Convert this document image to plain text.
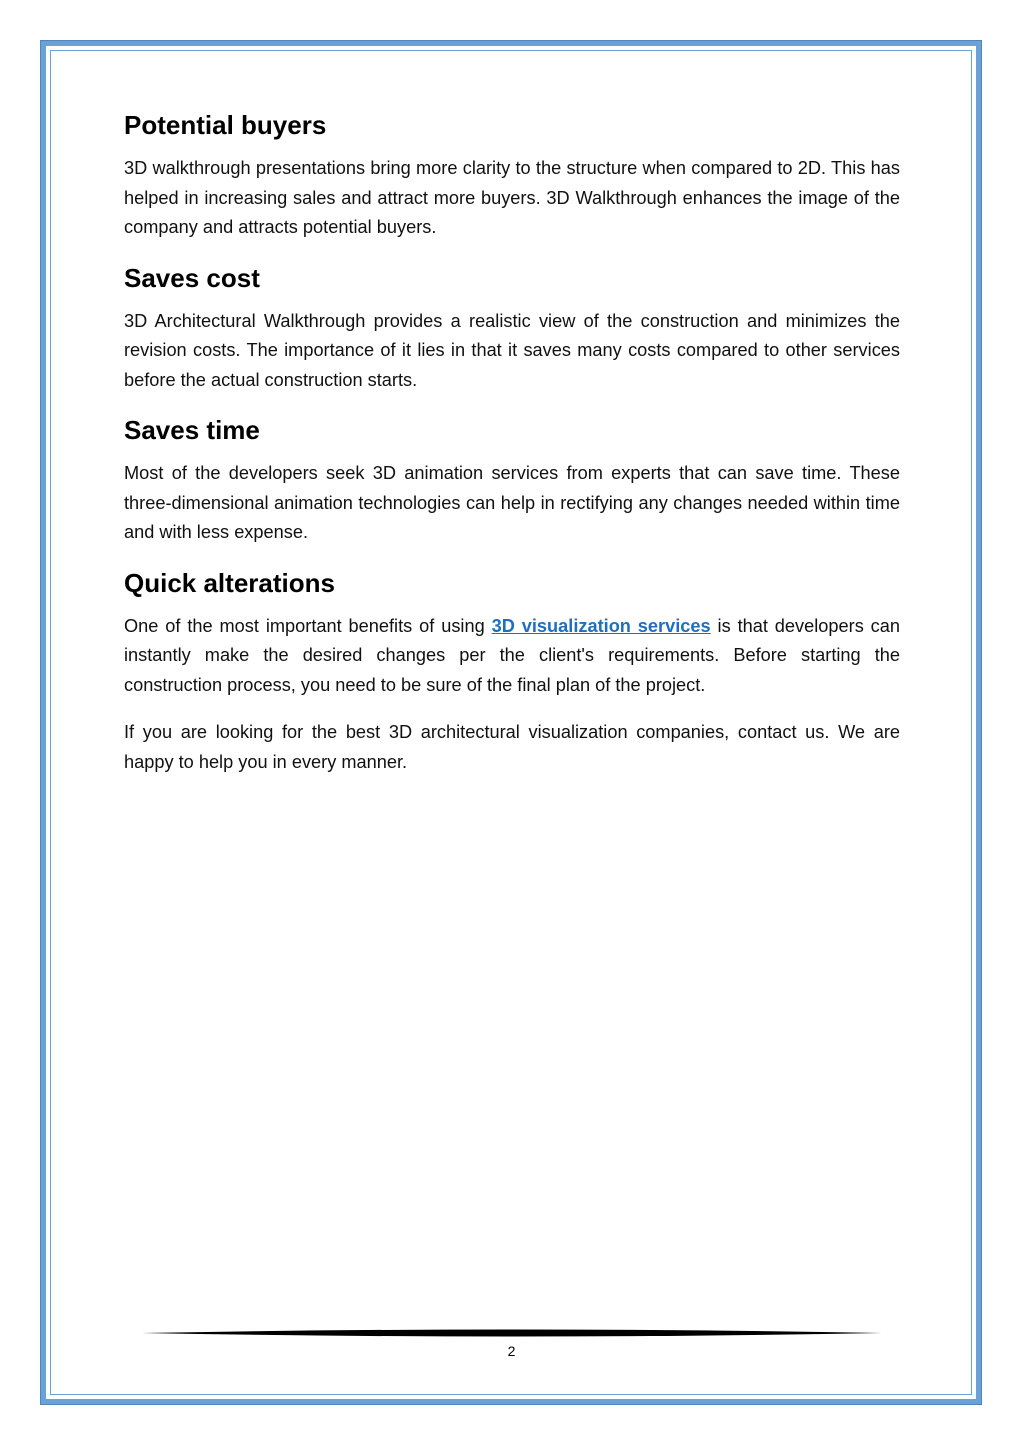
Potential buyers

3D walkthrough presentations bring more clarity to the structure when compared to 2D. This has helped in increasing sales and attract more buyers. 3D Walkthrough enhances the image of the company and attracts potential buyers.

Saves cost

3D Architectural Walkthrough provides a realistic view of the construction and minimizes the revision costs. The importance of it lies in that it saves many costs compared to other services before the actual construction starts.

Saves time

Most of the developers seek 3D animation services from experts that can save time. These three-dimensional animation technologies can help in rectifying any changes needed within time and with less expense.

Quick alterations

One of the most important benefits of using 3D visualization services is that developers can instantly make the desired changes per the client's requirements. Before starting the construction process, you need to be sure of the final plan of the project.

If you are looking for the best 3D architectural visualization companies, contact us. We are happy to help you in every manner.

2
